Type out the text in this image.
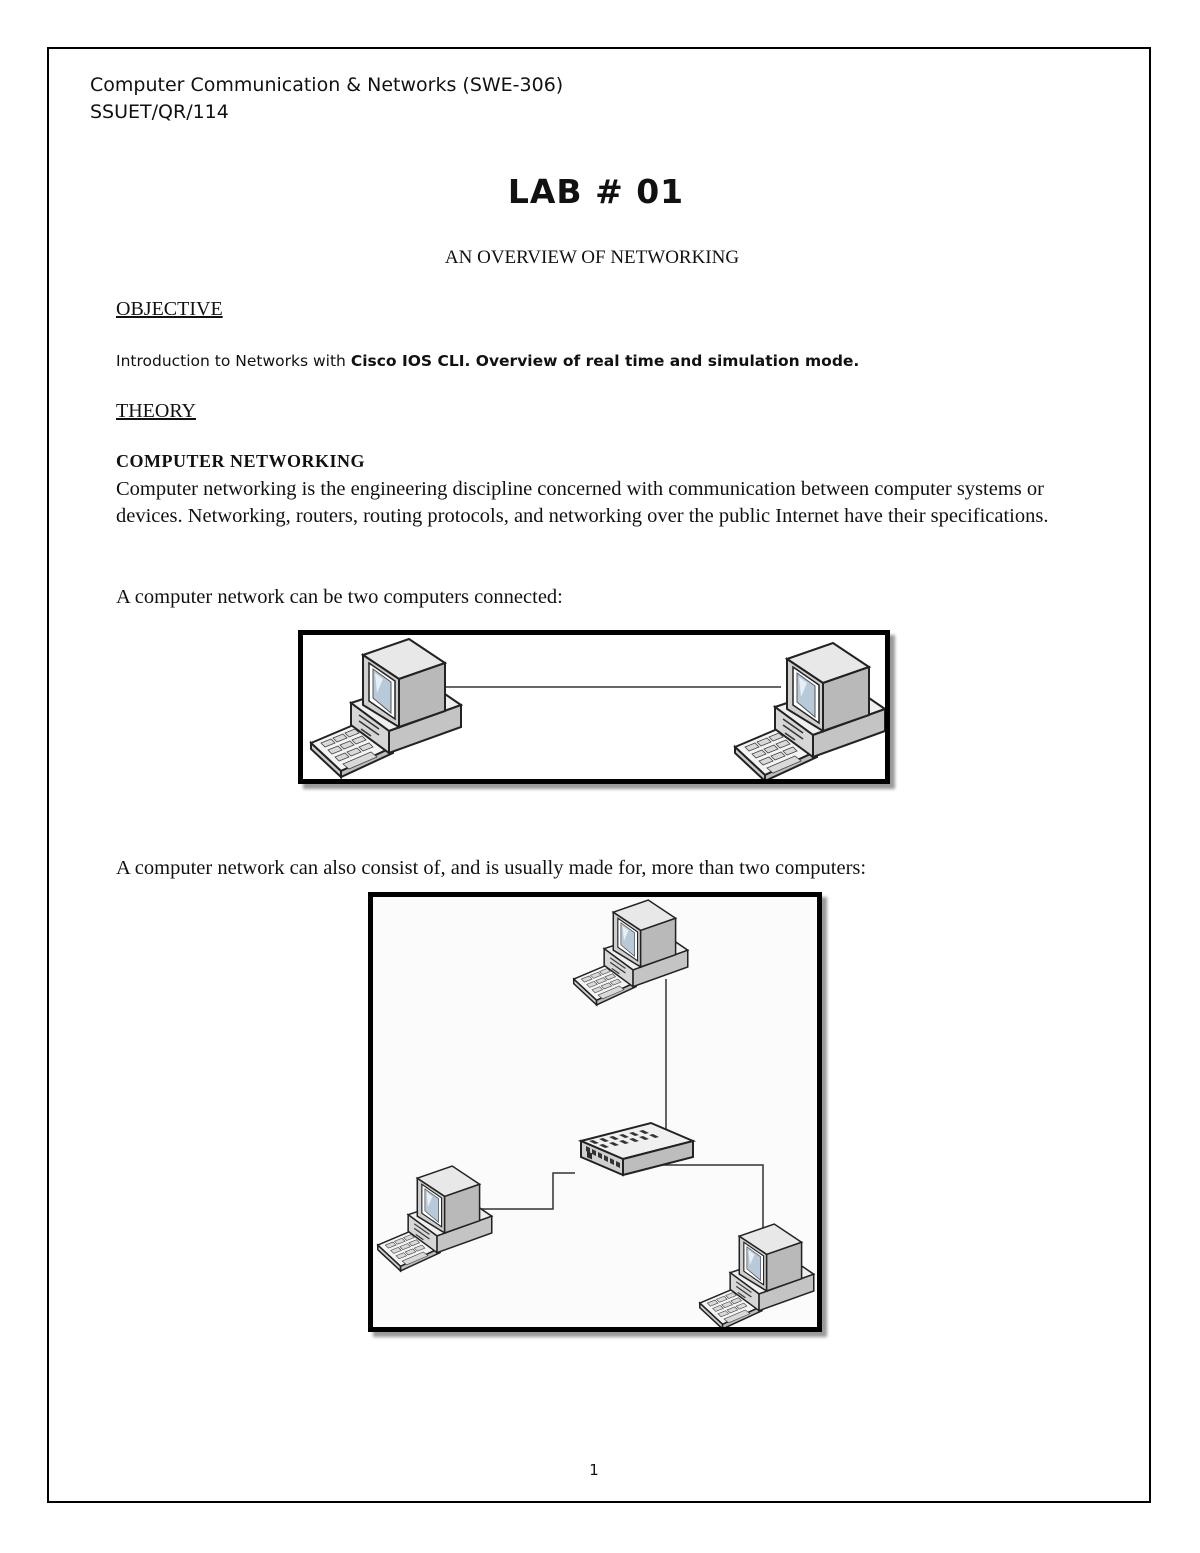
Computer Communication & Networks (SWE-306)
SSUET/QR/114
LAB # 01
AN OVERVIEW OF NETWORKING
OBJECTIVE
Introduction to Networks with Cisco IOS CLI. Overview of real time and simulation mode.
THEORY
COMPUTER NETWORKING
Computer networking is the engineering discipline concerned with communication between computer systems or devices. Networking, routers, routing protocols, and networking over the public Internet have their specifications.
A computer network can be two computers connected:
A computer network can also consist of, and is usually made for, more than two computers:
1
